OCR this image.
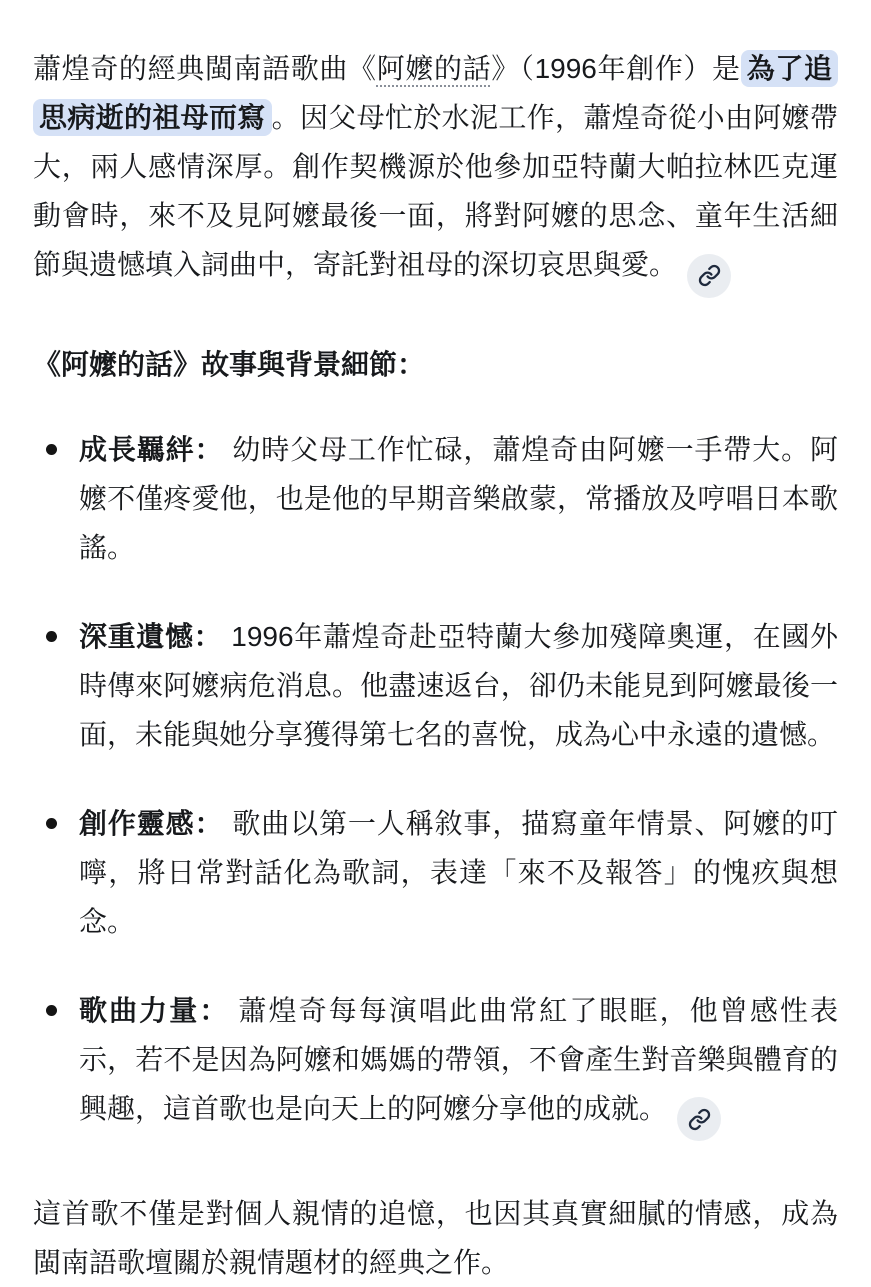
蕭煌奇的經典閩南語歌曲《阿嬤的話》（1996年創作）是 為了追思病逝的祖母而寫 。因父母忙於水泥工作，蕭煌奇從小由阿嬤帶大，兩人感情深厚。創作契機源於他參加亞特蘭大帕拉林匹克運動會時，來不及見阿嬤最後一面，將對阿嬤的思念、童年生活細節與遗憾填入詞曲中，寄託對祖母的深切哀思與愛。

《阿嬤的話》故事與背景細節：
成長羈絆： 幼時父母工作忙碌，蕭煌奇由阿嬤一手帶大。阿嬤不僅疼愛他，也是他的早期音樂啟蒙，常播放及哼唱日本歌謠。
深重遺憾： 1996年蕭煌奇赴亞特蘭大參加殘障奧運，在國外時傳來阿嬤病危消息。他盡速返台，卻仍未能見到阿嬤最後一面，未能與她分享獲得第七名的喜悅，成為心中永遠的遺憾。
創作靈感： 歌曲以第一人稱敘事，描寫童年情景、阿嬤的叮嚀，將日常對話化為歌詞，表達「來不及報答」的愧疚與想念。
歌曲力量： 蕭煌奇每每演唱此曲常紅了眼眶，他曾感性表示，若不是因為阿嬤和媽媽的帶領，不會產生對音樂與體育的興趣，這首歌也是向天上的阿嬤分享他的成就。

這首歌不僅是對個人親情的追憶，也因其真實細膩的情感，成為閩南語歌壇關於親情題材的經典之作。
